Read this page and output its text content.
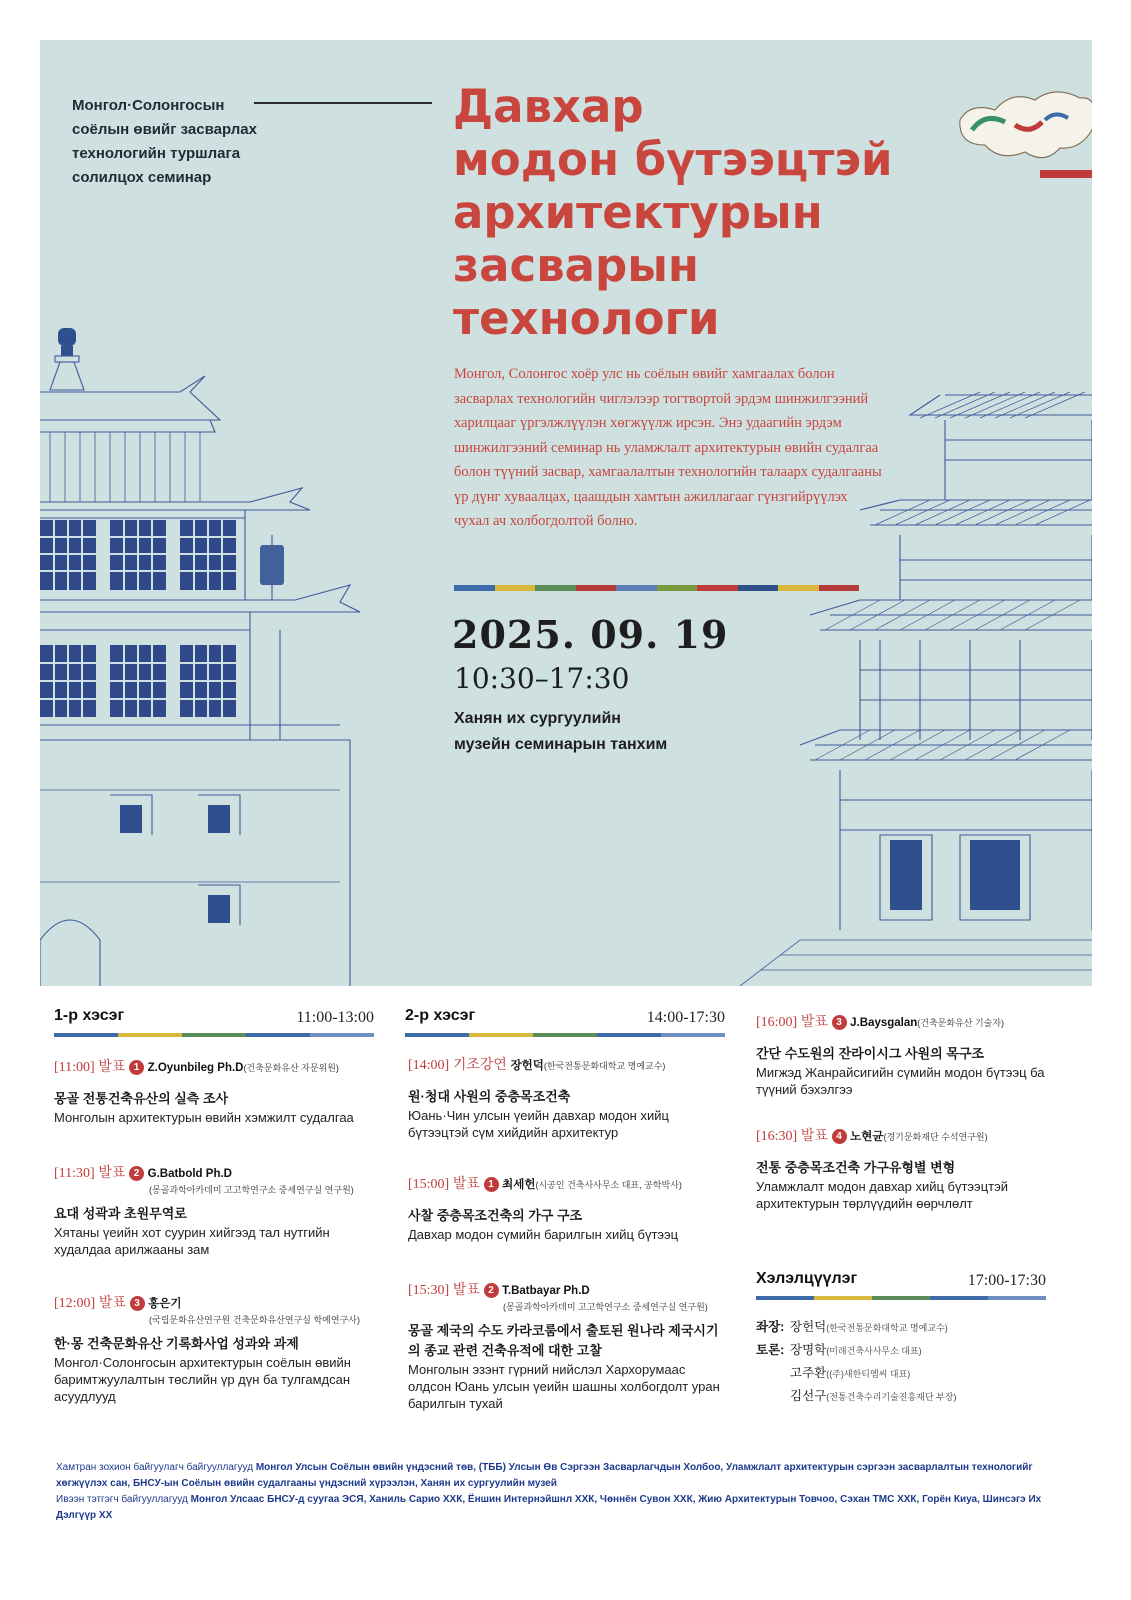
Монгол·Солонгосын соёлын өвийг засварлах технологийн туршлага солилцох семинар
Давхар
модон бүтээцтэй
архитектурын
засварын
технологи
Монгол, Солонгос хоёр улс нь соёлын өвийг хамгаалах болон засварлах технологийн чиглэлээр тогтвортой эрдэм шинжилгээний харилцааг үргэлжлүүлэн хөгжүүлж ирсэн. Энэ удаагийн эрдэм шинжилгээний семинар нь уламжлалт архитектурын өвийн судалгаа болон түүний засвар, хамгаалалтын технологийн талаарх судалгааны үр дүнг хуваалцах, цаашдын хамтын ажиллагааг гүнзгийрүүлэх чухал ач холбогдолтой болно.
2025. 09. 19
10:30–17:30
Ханян их сургуулийн
музейн семинарын танхим
1-р хэсэг	11:00-13:00
[11:00] 발표 1 Z.Oyunbileg Ph.D(건축문화유산 자문위원)
몽골 전통건축유산의 실측 조사
Монголын архитектурын өвийн хэмжилт судалгаа
[11:30] 발표 2 G.Batbold Ph.D
(몽골과학아카데미 고고학연구소 중세연구실 연구원)
요대 성곽과 초원무역로
Хятаны үеийн хот суурин хийгээд тал нутгийн худалдаа арилжааны зам
[12:00] 발표 3 홍은기
(국립문화유산연구원 건축문화유산연구실 학예연구사)
한·몽 건축문화유산 기록화사업 성과와 과제
Монгол·Солонгосын архитектурын соёлын өвийн баримтжуулалтын төслийн үр дүн ба тулгамдсан асуудлууд
2-р хэсэг	14:00-17:30
[14:00] 기조강연 장헌덕(한국전통문화대학교 명예교수)
원·청대 사원의 중층목조건축
Юань·Чин улсын үеийн давхар модон хийц бүтээцтэй сүм хийдийн архитектур
[15:00] 발표 1 최세헌(시공인 건축사사무소 대표, 공학박사)
사찰 중층목조건축의 가구 구조
Давхар модон сүмийн барилгын хийц бүтээц
[15:30] 발표 2 T.Batbayar Ph.D
(몽골과학아카데미 고고학연구소 중세연구실 연구원)
몽골 제국의 수도 카라코룸에서 출토된 원나라 제국시기의 종교 관련 건축유적에 대한 고찰
Монголын эзэнт гүрний нийслэл Хархорумаас олдсон Юань улсын үеийн шашны холбогдолт уран барилгын тухай
[16:00] 발표 3 J.Baysgalan(건축문화유산 기술자)
간단 수도원의 잔라이시그 사원의 목구조
Мигжэд Жанрайсигийн сүмийн модон бүтээц ба түүний бэхэлгээ
[16:30] 발표 4 노현균(경기문화재단 수석연구원)
전통 중층목조건축 가구유형별 변형
Уламжлалт модон давхар хийц бүтээцтэй архитектурын төрлүүдийн өөрчлөлт
Хэлэлцүүлэг	17:00-17:30
좌장: 장헌덕(한국전통문화대학교 명예교수)
토론: 장명학(미래건축사사무소 대표)
고주환((주)새한티엠씨 대표)
김선구(전통건축수리기술진흥재단 부장)
Хамтран зохион байгуулагч байгууллагууд Монгол Улсын Соёлын өвийн үндэсний төв, (ТББ) Улсын Өв Сэргээн Засварлагчдын Холбоо, Уламжлалт архитектурын сэргээн засварлалтын технологийг хөгжүүлэх сан, БНСУ-ын Соёлын өвийн судалгааны үндэсний хүрээлэн, Ханян их сургуулийн музей
Ивээн тэтгэгч байгууллагууд Монгол Улсаас БНСУ-д суугаа ЭСЯ, Ханиль Сарио ХХК, Ёншин Интернэйшнл ХХК, Чөннён Сувон ХХК, Жию Архитектурын Товчоо, Сэхан ТМС ХХК, Горён Киуа, Шинсэгэ Их Дэлгүүр ХХ
